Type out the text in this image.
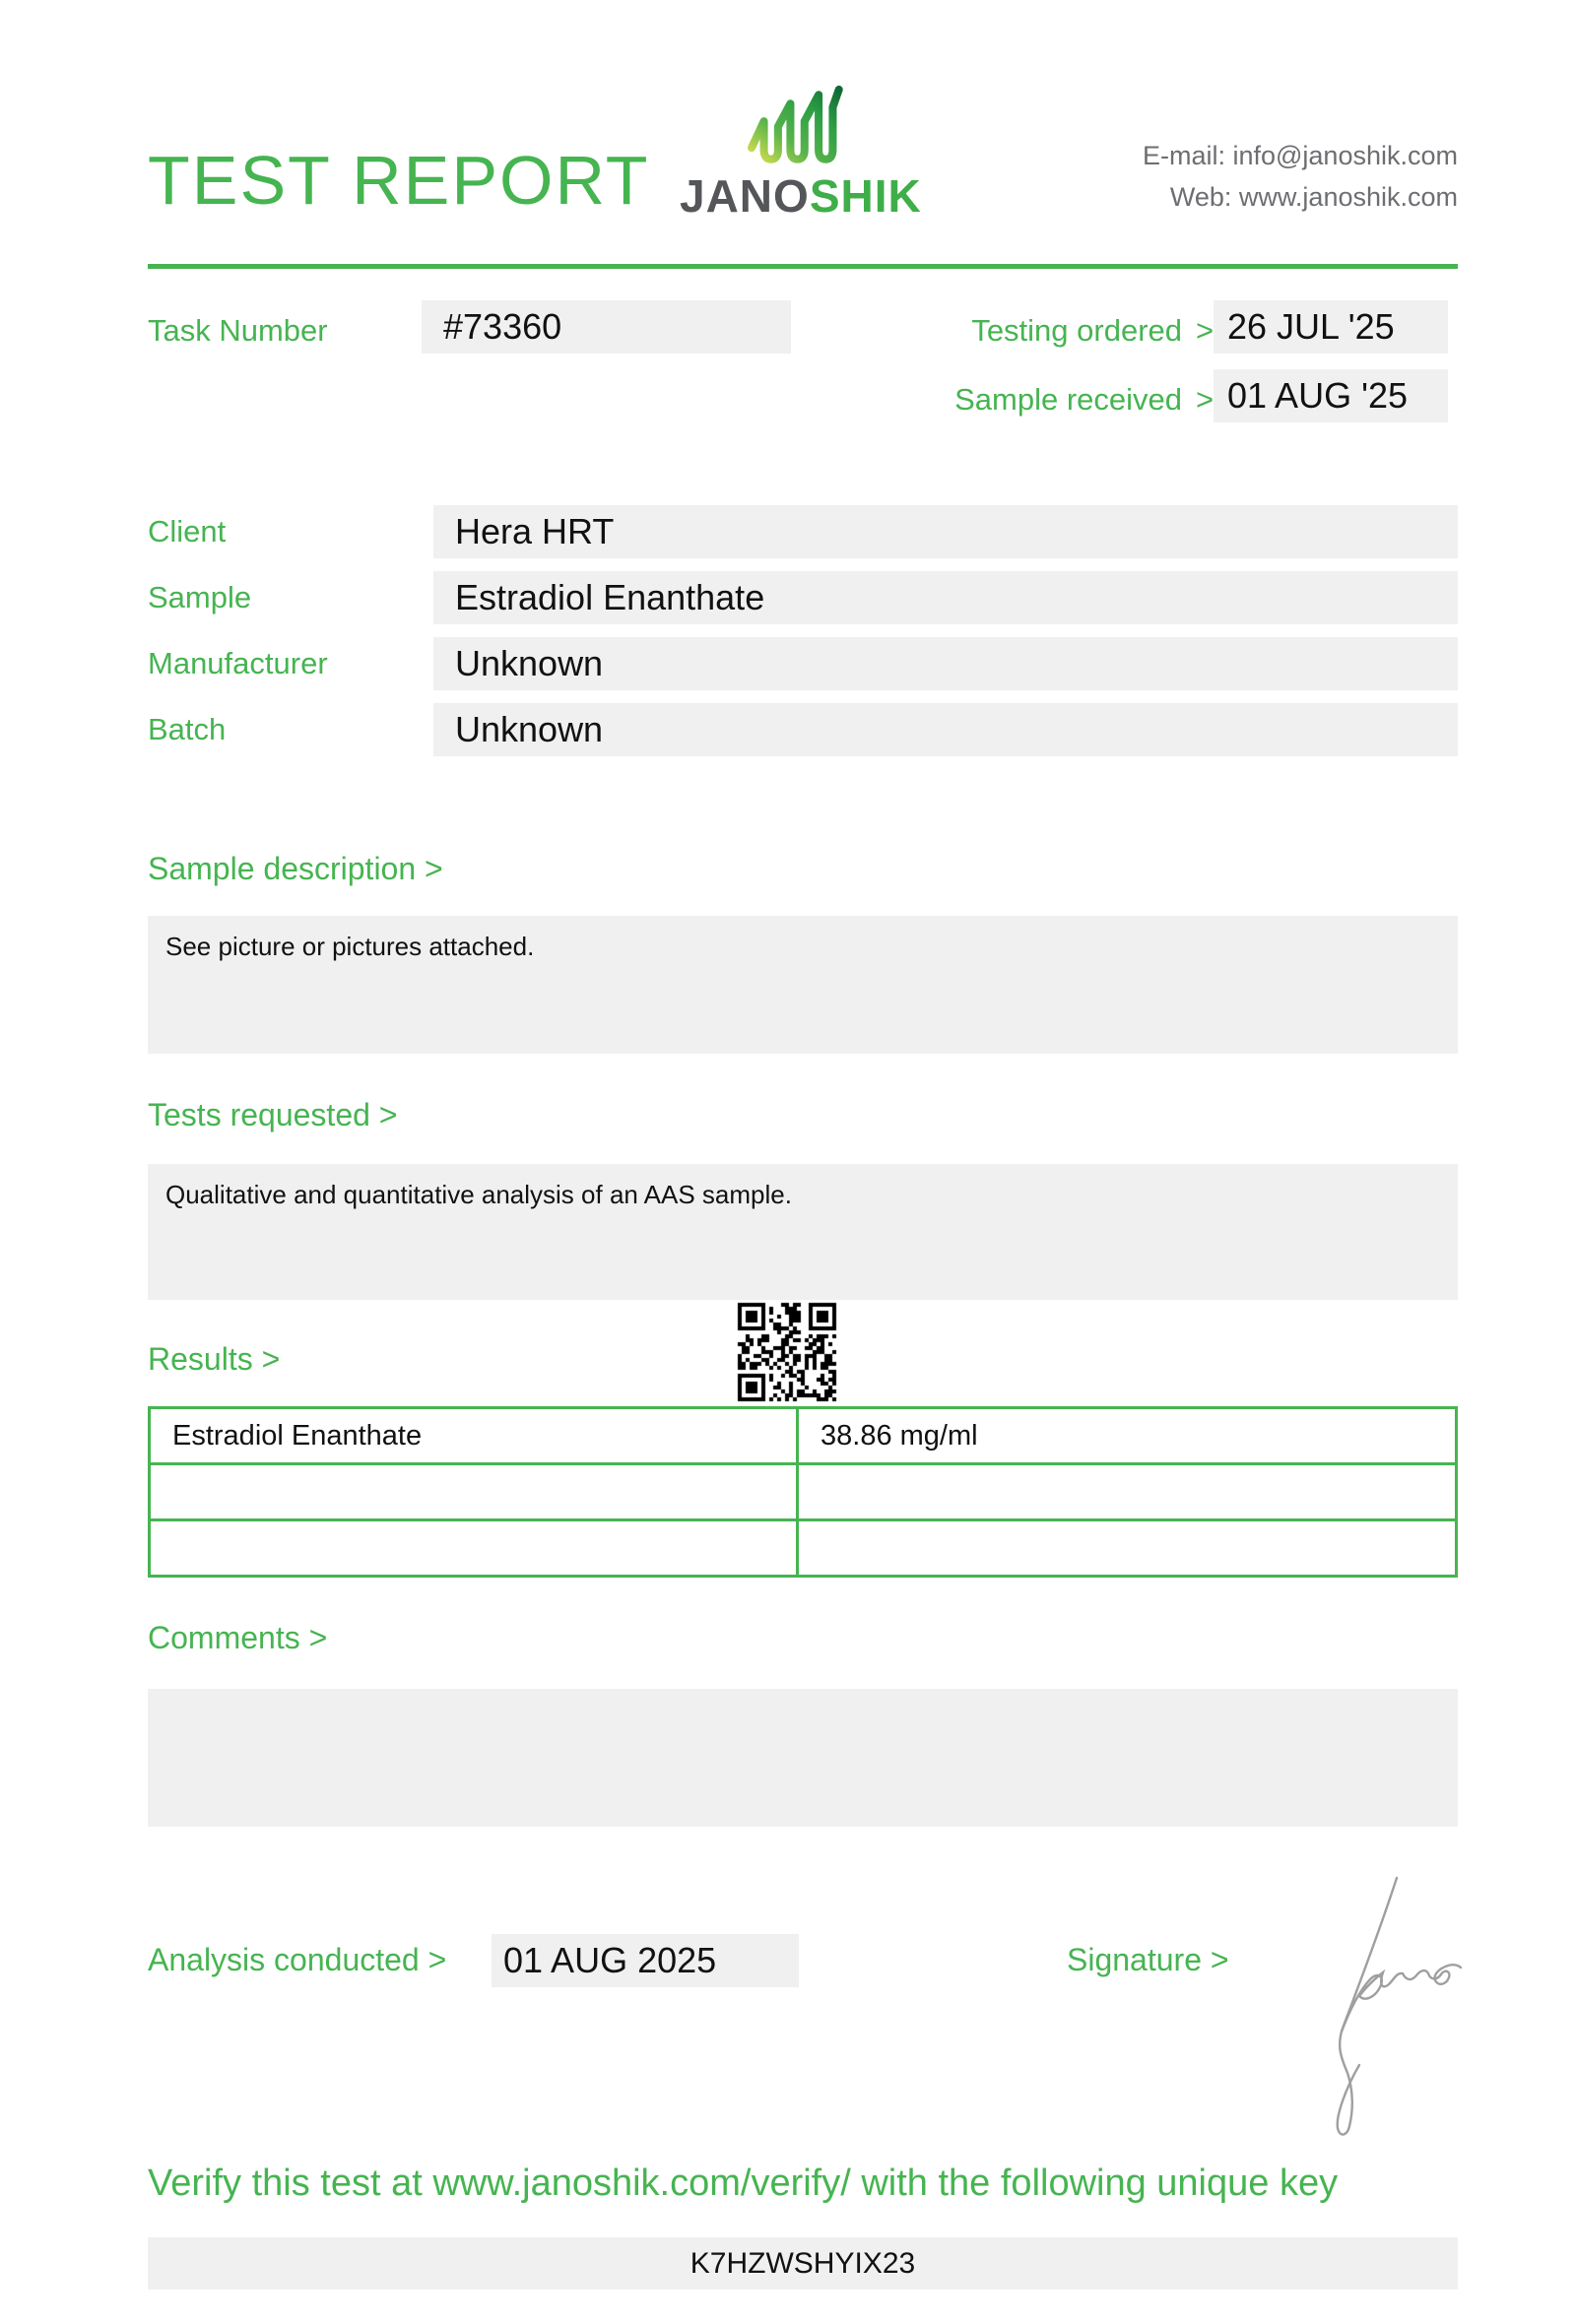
TEST REPORT JANOSHIK
E-mail: info@janoshik.com
Web: www.janoshik.com
Task Number	#73360	Testing ordered > 26 JUL '25
Sample received > 01 AUG '25
Client	Hera HRT
Sample	Estradiol Enanthate
Manufacturer	Unknown
Batch	Unknown
Sample description >
See picture or pictures attached.
Tests requested >
Qualitative and quantitative analysis of an AAS sample.
Results >
Estradiol Enanthate	38.86 mg/ml

Comments >
Analysis conducted > 01 AUG 2025	Signature >
Verify this test at www.janoshik.com/verify/ with the following unique key
K7HZWSHYIX23
